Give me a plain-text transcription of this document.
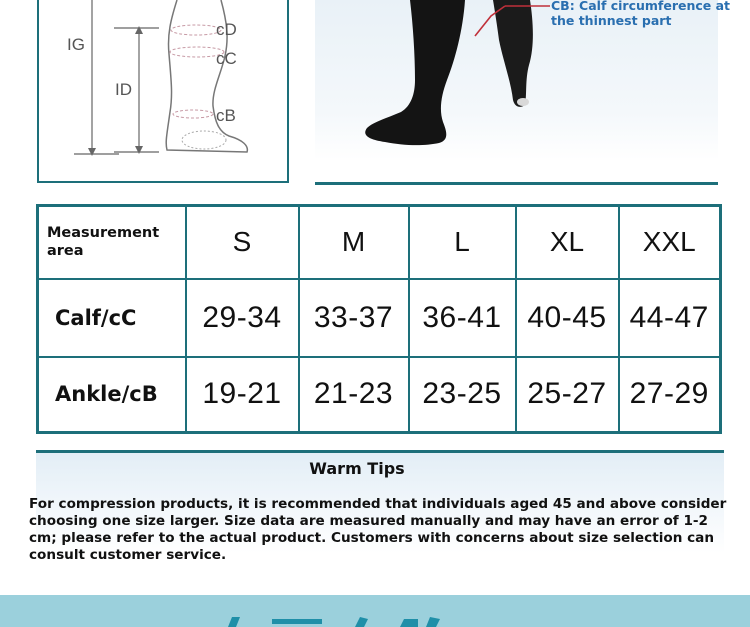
IG
ID
cD
cC
cB
CB: Calf circumference at the thinnest part
Measurement area	S	M	L	XL	XXL
Calf/cC	29-34	33-37	36-41	40-45	44-47
Ankle/cB	19-21	21-23	23-25	25-27	27-29
Warm Tips
For compression products, it is recommended that individuals aged 45 and above consider choosing one size larger. Size data are measured manually and may have an error of 1-2 cm; please refer to the actual product. Customers with concerns about size selection can consult customer service.
